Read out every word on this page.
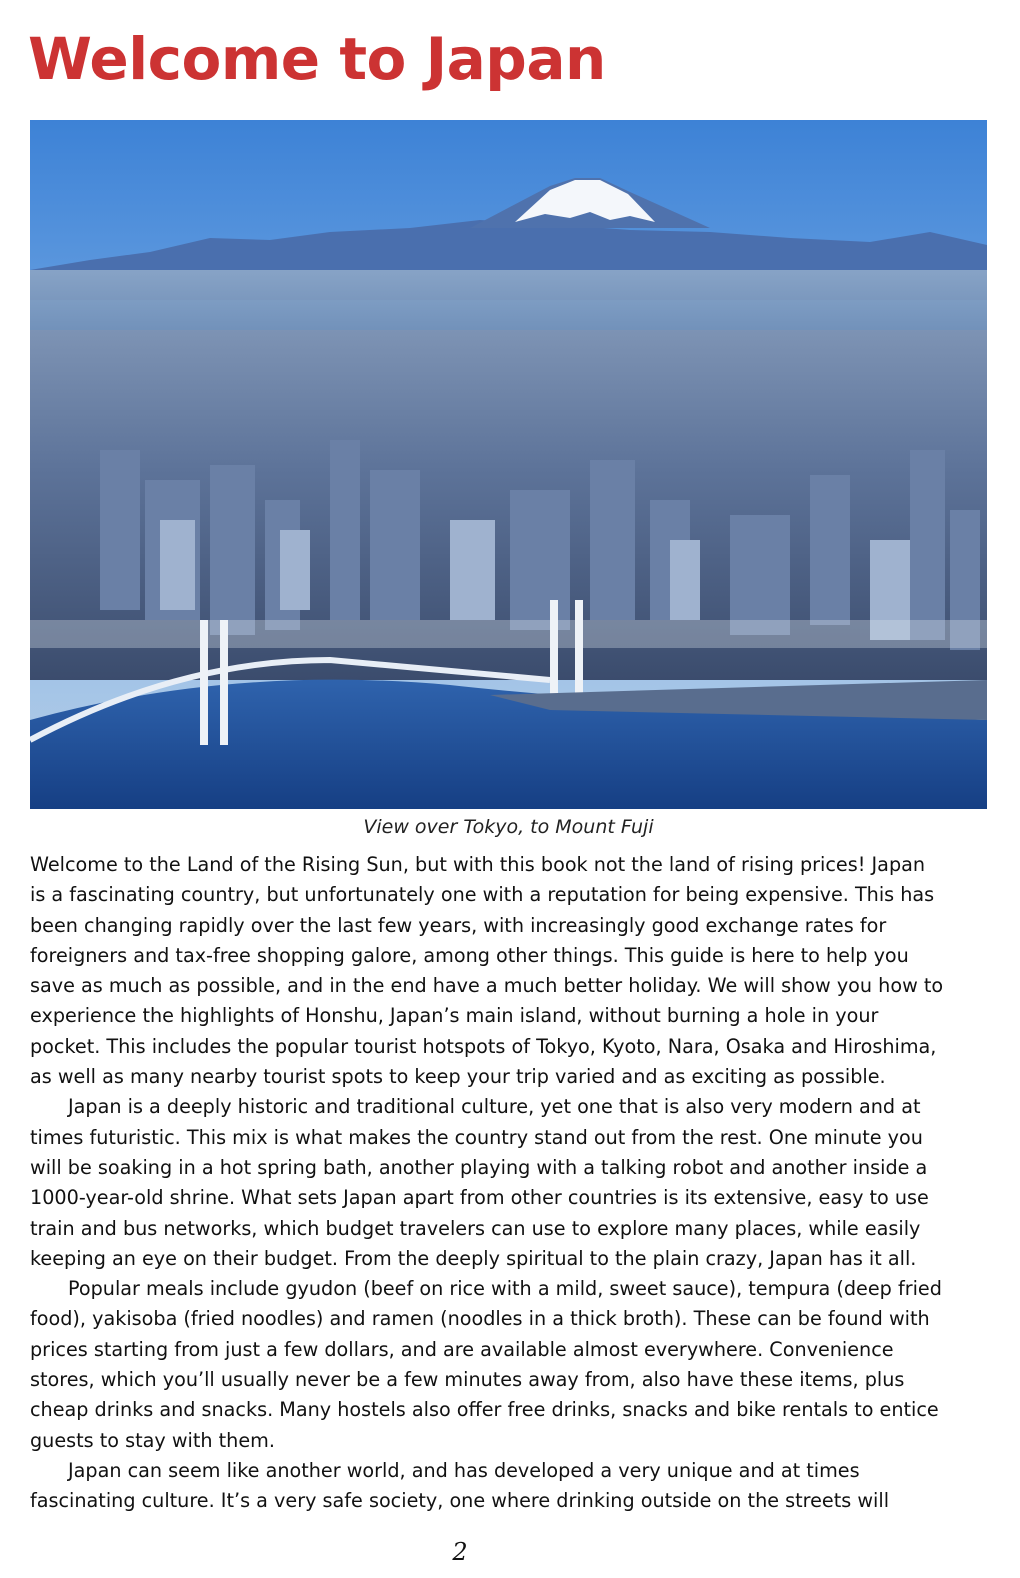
Welcome to Japan
View over Tokyo, to Mount Fuji

Welcome to the Land of the Rising Sun, but with this book not the land of rising prices! Japan

is a fascinating country, but unfortunately one with a reputation for being expensive. This has

been changing rapidly over the last few years, with increasingly good exchange rates for

foreigners and tax-free shopping galore, among other things. This guide is here to help you

save as much as possible, and in the end have a much better holiday. We will show you how to

experience the highlights of Honshu, Japan’s main island, without burning a hole in your

pocket. This includes the popular tourist hotspots of Tokyo, Kyoto, Nara, Osaka and Hiroshima,

as well as many nearby tourist spots to keep your trip varied and as exciting as possible.

Japan is a deeply historic and traditional culture, yet one that is also very modern and at

times futuristic. This mix is what makes the country stand out from the rest. One minute you

will be soaking in a hot spring bath, another playing with a talking robot and another inside a

1000-year-old shrine. What sets Japan apart from other countries is its extensive, easy to use

train and bus networks, which budget travelers can use to explore many places, while easily

keeping an eye on their budget. From the deeply spiritual to the plain crazy, Japan has it all.

Popular meals include gyudon (beef on rice with a mild, sweet sauce), tempura (deep fried

food), yakisoba (fried noodles) and ramen (noodles in a thick broth). These can be found with

prices starting from just a few dollars, and are available almost everywhere. Convenience

stores, which you’ll usually never be a few minutes away from, also have these items, plus

cheap drinks and snacks. Many hostels also offer free drinks, snacks and bike rentals to entice

guests to stay with them.

Japan can seem like another world, and has developed a very unique and at times

fascinating culture. It’s a very safe society, one where drinking outside on the streets will

2
